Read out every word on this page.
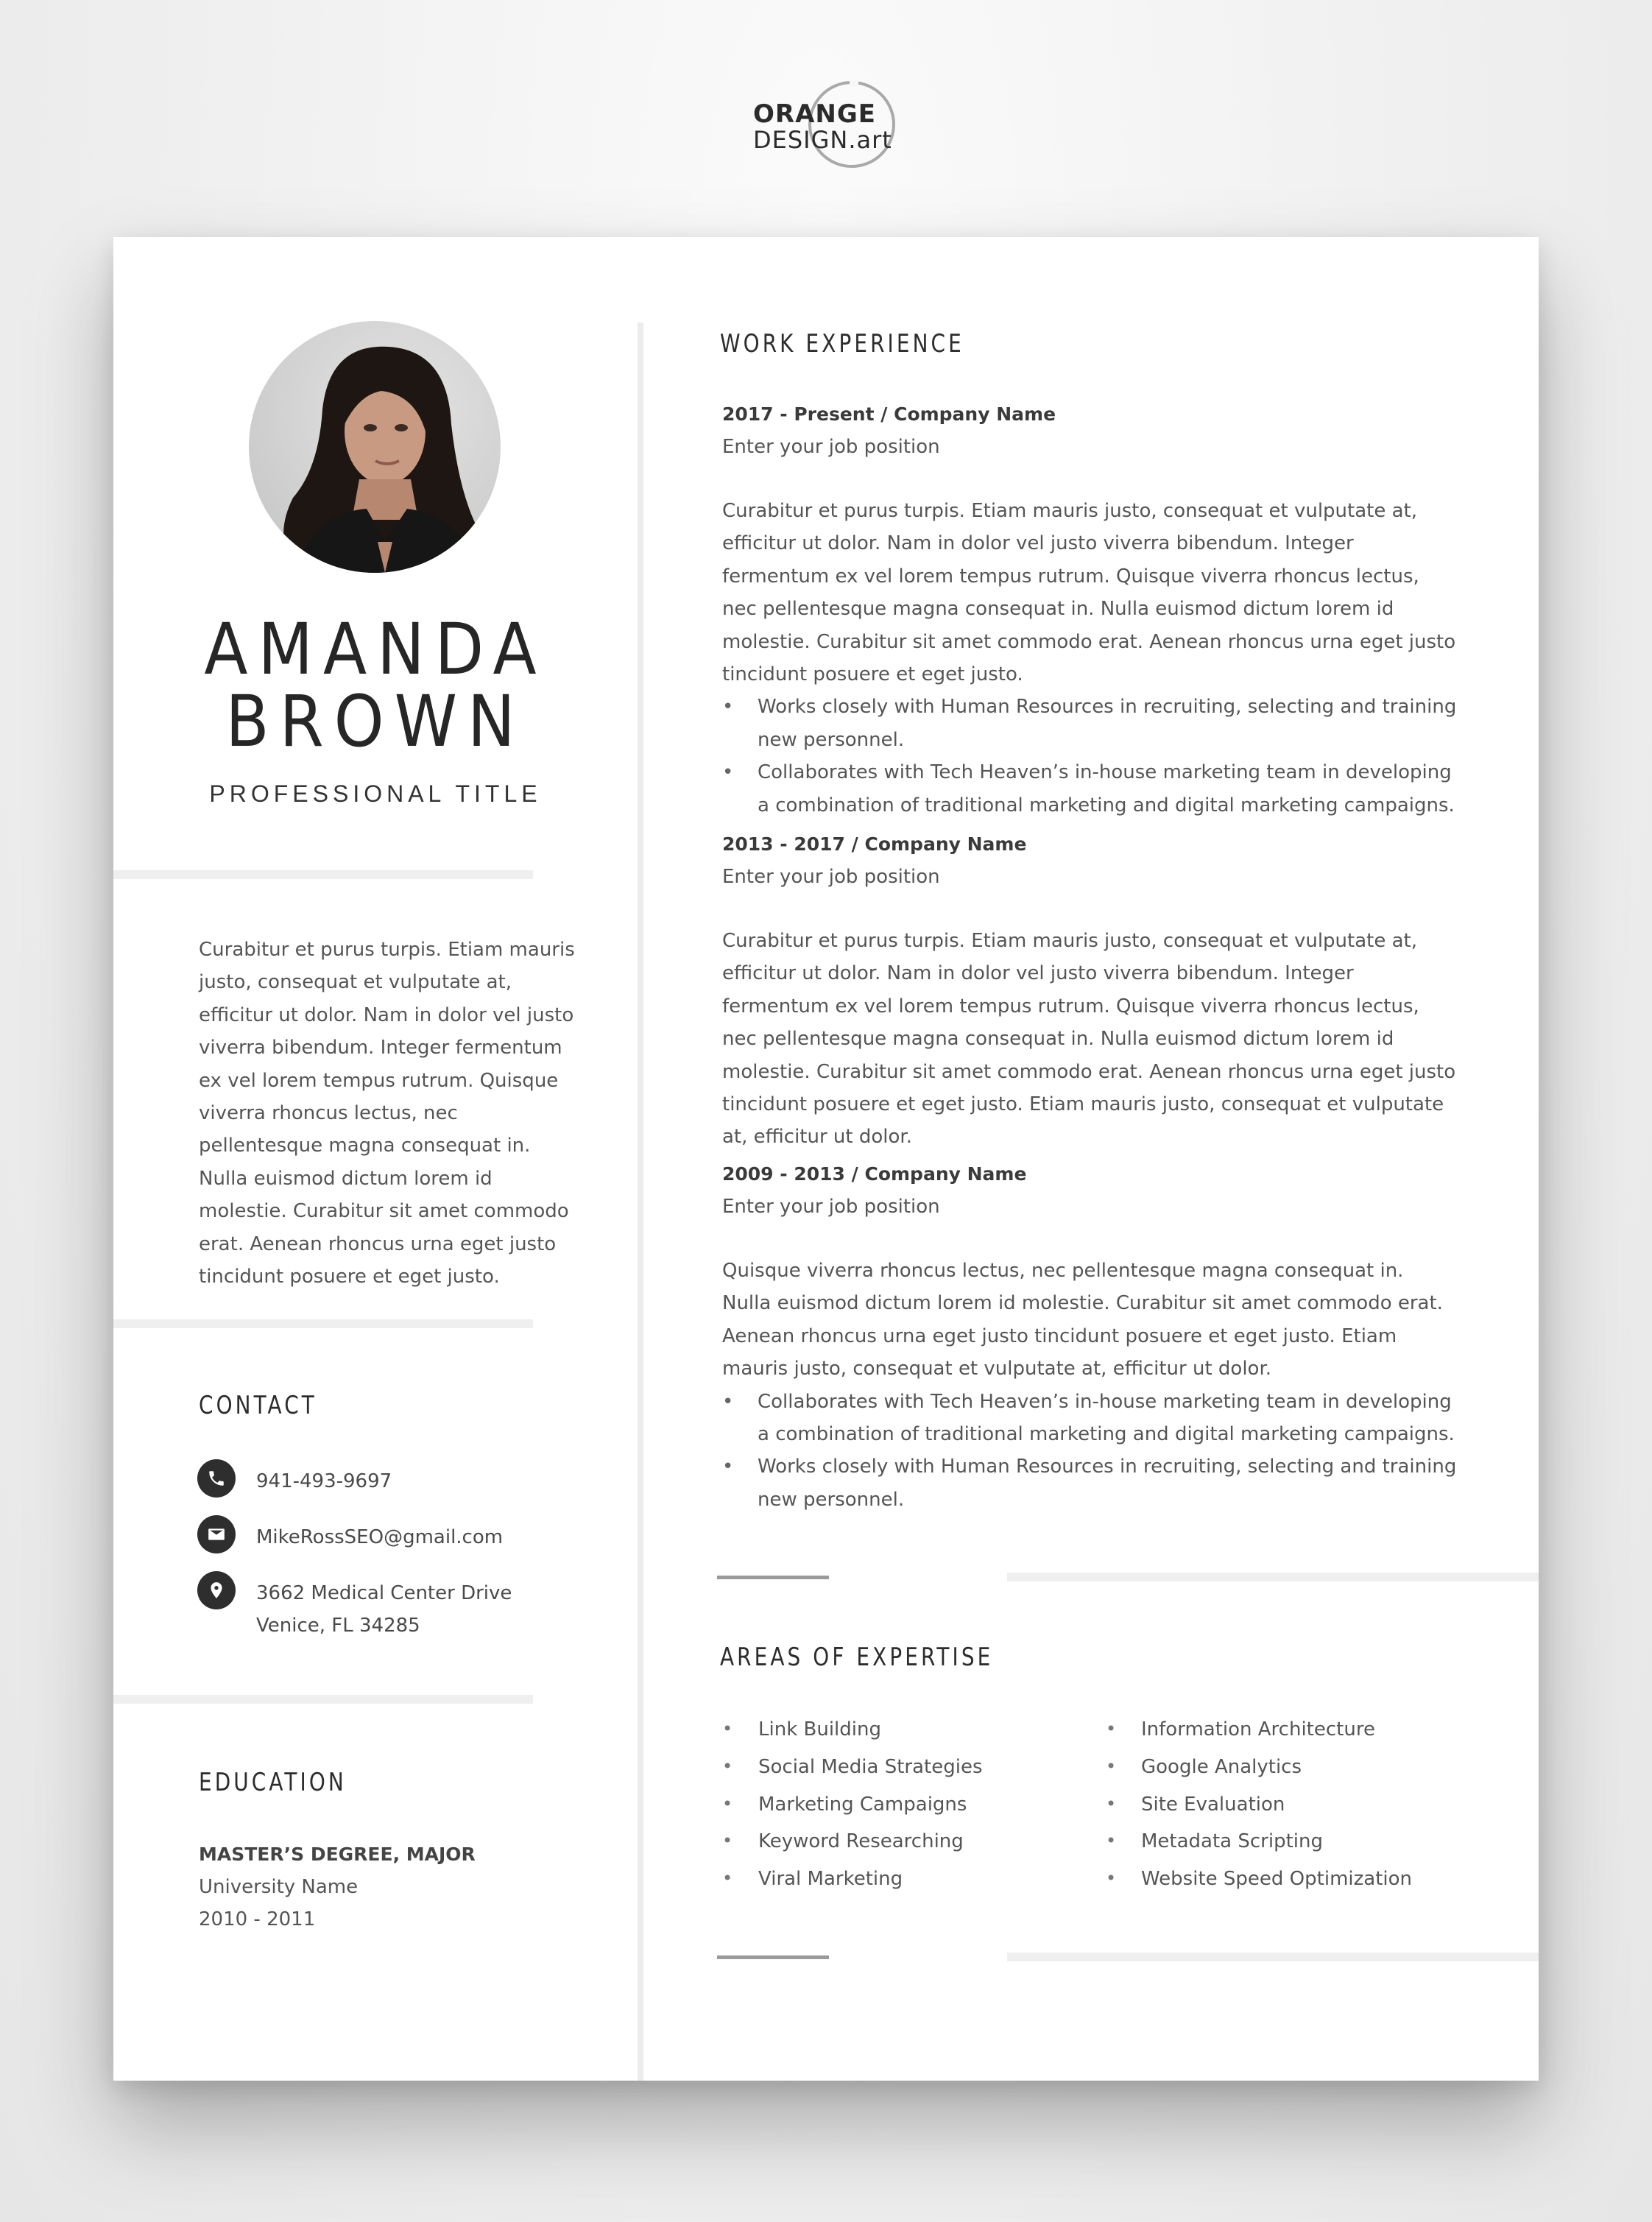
ORANGE
DESIGN.art
AMANDA
BROWN
PROFESSIONAL TITLE
Curabitur et purus turpis. Etiam mauris justo, consequat et vulputate at, efficitur ut dolor. Nam in dolor vel justo viverra bibendum. Integer fermentum ex vel lorem tempus rutrum. Quisque viverra rhoncus lectus, nec pellentesque magna consequat in. Nulla euismod dictum lorem id molestie. Curabitur sit amet commodo erat. Aenean rhoncus urna eget justo tincidunt posuere et eget justo.
CONTACT
941-493-9697
MikeRossSEO@gmail.com
3662 Medical Center Drive
Venice, FL 34285
EDUCATION
MASTER’S DEGREE, MAJOR
University Name
2010 - 2011
WORK EXPERIENCE
2017 - Present / Company Name
Enter your job position

Curabitur et purus turpis. Etiam mauris justo, consequat et vulputate at, efficitur ut dolor. Nam in dolor vel justo viverra bibendum. Integer fermentum ex vel lorem tempus rutrum. Quisque viverra rhoncus lectus, nec pellentesque magna consequat in. Nulla euismod dictum lorem id molestie. Curabitur sit amet commodo erat. Aenean rhoncus urna eget justo tincidunt posuere et eget justo.

• Works closely with Human Resources in recruiting, selecting and training new personnel.
• Collaborates with Tech Heaven’s in-house marketing team in developing a combination of traditional marketing and digital marketing campaigns.
2013 - 2017 / Company Name
Enter your job position

Curabitur et purus turpis. Etiam mauris justo, consequat et vulputate at, efficitur ut dolor. Nam in dolor vel justo viverra bibendum. Integer fermentum ex vel lorem tempus rutrum. Quisque viverra rhoncus lectus, nec pellentesque magna consequat in. Nulla euismod dictum lorem id molestie. Curabitur sit amet commodo erat. Aenean rhoncus urna eget justo tincidunt posuere et eget justo. Etiam mauris justo, consequat et vulputate at, efficitur ut dolor.

2009 - 2013 / Company Name
Enter your job position

Quisque viverra rhoncus lectus, nec pellentesque magna consequat in. Nulla euismod dictum lorem id molestie. Curabitur sit amet commodo erat. Aenean rhoncus urna eget justo tincidunt posuere et eget justo. Etiam mauris justo, consequat et vulputate at, efficitur ut dolor.

• Collaborates with Tech Heaven’s in-house marketing team in developing a combination of traditional marketing and digital marketing campaigns.
• Works closely with Human Resources in recruiting, selecting and training new personnel.
AREAS OF EXPERTISE
• Link Building
• Social Media Strategies
• Marketing Campaigns
• Keyword Researching
• Viral Marketing
• Information Architecture
• Google Analytics
• Site Evaluation
• Metadata Scripting
• Website Speed Optimization
